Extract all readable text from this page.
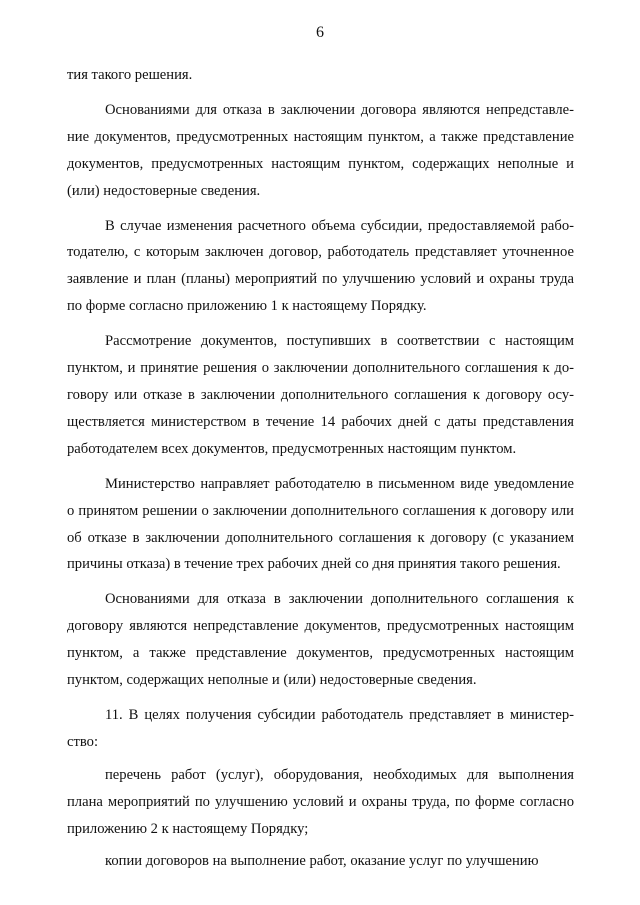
6

тия такого решения.

Основаниями для отказа в заключении договора являются непредставление документов, предусмотренных настоящим пунктом, а также представление документов, предусмотренных настоящим пунктом, содержащих неполные и (или) недостоверные сведения.

В случае изменения расчетного объема субсидии, предоставляемой работодателю, с которым заключен договор, работодатель представляет уточненное заявление и план (планы) мероприятий по улучшению условий и охраны труда по форме согласно приложению 1 к настоящему Порядку.

Рассмотрение документов, поступивших в соответствии с настоящим пунктом, и принятие решения о заключении дополнительного соглашения к договору или отказе в заключении дополнительного соглашения к договору осуществляется министерством в течение 14 рабочих дней с даты представления работодателем всех документов, предусмотренных настоящим пунктом.

Министерство направляет работодателю в письменном виде уведомление о принятом решении о заключении дополнительного соглашения к договору или об отказе в заключении дополнительного соглашения к договору (с указанием причины отказа) в течение трех рабочих дней со дня принятия такого решения.

Основаниями для отказа в заключении дополнительного соглашения к договору являются непредставление документов, предусмотренных настоящим пунктом, а также представление документов, предусмотренных настоящим пунктом, содержащих неполные и (или) недостоверные сведения.

11. В целях получения субсидии работодатель представляет в министерство:

перечень работ (услуг), оборудования, необходимых для выполнения плана мероприятий по улучшению условий и охраны труда, по форме согласно приложению 2 к настоящему Порядку;

копии договоров на выполнение работ, оказание услуг по улучшению
